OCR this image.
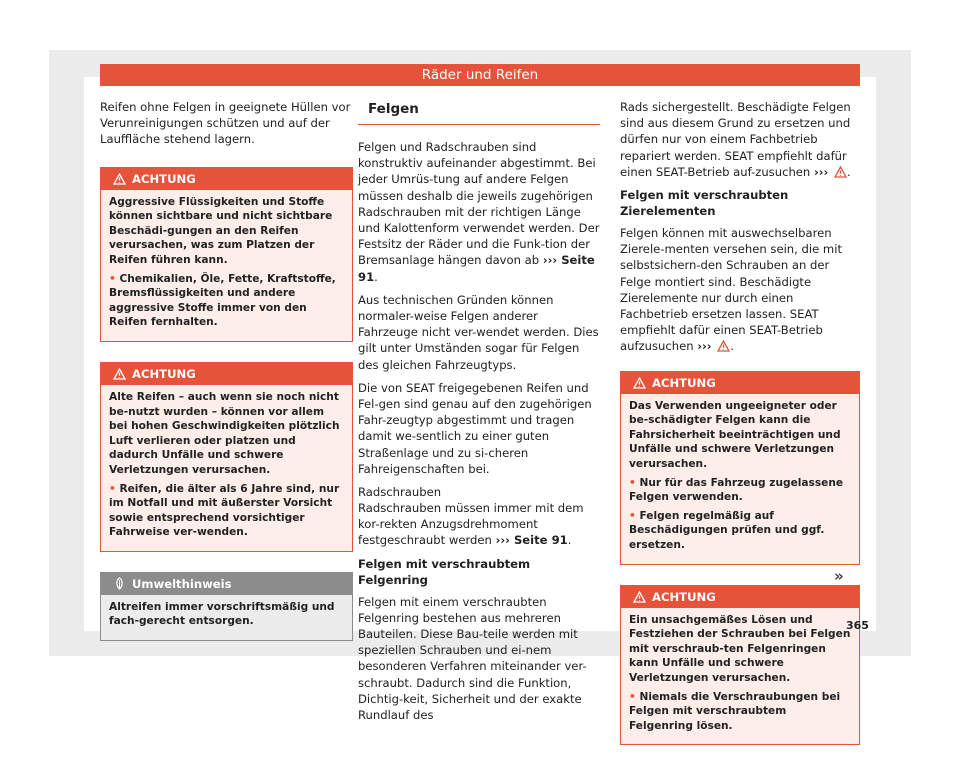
Räder und Reifen

Reifen ohne Felgen in geeignete Hüllen vor Verunreinigungen schützen und auf der Lauffläche stehend lagern.

ACHTUNG

Aggressive Flüssigkeiten und Stoffe können sichtbare und nicht sichtbare Beschädi-gungen an den Reifen verursachen, was zum Platzen der Reifen führen kann.

• Chemikalien, Öle, Fette, Kraftstoffe, Bremsflüssigkeiten und andere aggressive Stoffe immer von den Reifen fernhalten.

ACHTUNG

Alte Reifen – auch wenn sie noch nicht be-nutzt wurden – können vor allem bei hohen Geschwindigkeiten plötzlich Luft verlieren oder platzen und dadurch Unfälle und schwere Verletzungen verursachen.

• Reifen, die älter als 6 Jahre sind, nur im Notfall und mit äußerster Vorsicht sowie entsprechend vorsichtiger Fahrweise ver-wenden.

Umwelthinweis

Altreifen immer vorschriftsmäßig und fach-gerecht entsorgen.

Felgen

Felgen und Radschrauben sind konstruktiv aufeinander abgestimmt. Bei jeder Umrüs-tung auf andere Felgen müssen deshalb die jeweils zugehörigen Radschrauben mit der richtigen Länge und Kalottenform verwendet werden. Der Festsitz der Räder und die Funk-tion der Bremsanlage hängen davon ab ››› Seite 91.

Aus technischen Gründen können normaler-weise Felgen anderer Fahrzeuge nicht ver-wendet werden. Dies gilt unter Umständen sogar für Felgen des gleichen Fahrzeugtyps.

Die von SEAT freigegebenen Reifen und Fel-gen sind genau auf den zugehörigen Fahr-zeugtyp abgestimmt und tragen damit we-sentlich zu einer guten Straßenlage und zu si-cheren Fahreigenschaften bei.

Radschrauben

Radschrauben müssen immer mit dem kor-rekten Anzugsdrehmoment festgeschraubt werden ››› Seite 91.

Felgen mit verschraubtem Felgenring

Felgen mit einem verschraubten Felgenring bestehen aus mehreren Bauteilen. Diese Bau-teile werden mit speziellen Schrauben und ei-nem besonderen Verfahren miteinander ver-schraubt. Dadurch sind die Funktion, Dichtig-keit, Sicherheit und der exakte Rundlauf des

Rads sichergestellt. Beschädigte Felgen sind aus diesem Grund zu ersetzen und dürfen nur von einem Fachbetrieb repariert werden. SEAT empfiehlt dafür einen SEAT-Betrieb auf-zusuchen ››› .

Felgen mit verschraubten Zierelementen

Felgen können mit auswechselbaren Zierele-menten versehen sein, die mit selbstsichern-den Schrauben an der Felge montiert sind. Beschädigte Zierelemente nur durch einen Fachbetrieb ersetzen lassen. SEAT empfiehlt dafür einen SEAT-Betrieb aufzusuchen ››› .

ACHTUNG

Das Verwenden ungeeigneter oder be-schädigter Felgen kann die Fahrsicherheit beeinträchtigen und Unfälle und schwere Verletzungen verursachen.

• Nur für das Fahrzeug zugelassene Felgen verwenden.

• Felgen regelmäßig auf Beschädigungen prüfen und ggf. ersetzen.

ACHTUNG

Ein unsachgemäßes Lösen und Festziehen der Schrauben bei Felgen mit verschraub-ten Felgenringen kann Unfälle und schwere Verletzungen verursachen.

• Niemals die Verschraubungen bei Felgen mit verschraubtem Felgenring lösen.

»
365
